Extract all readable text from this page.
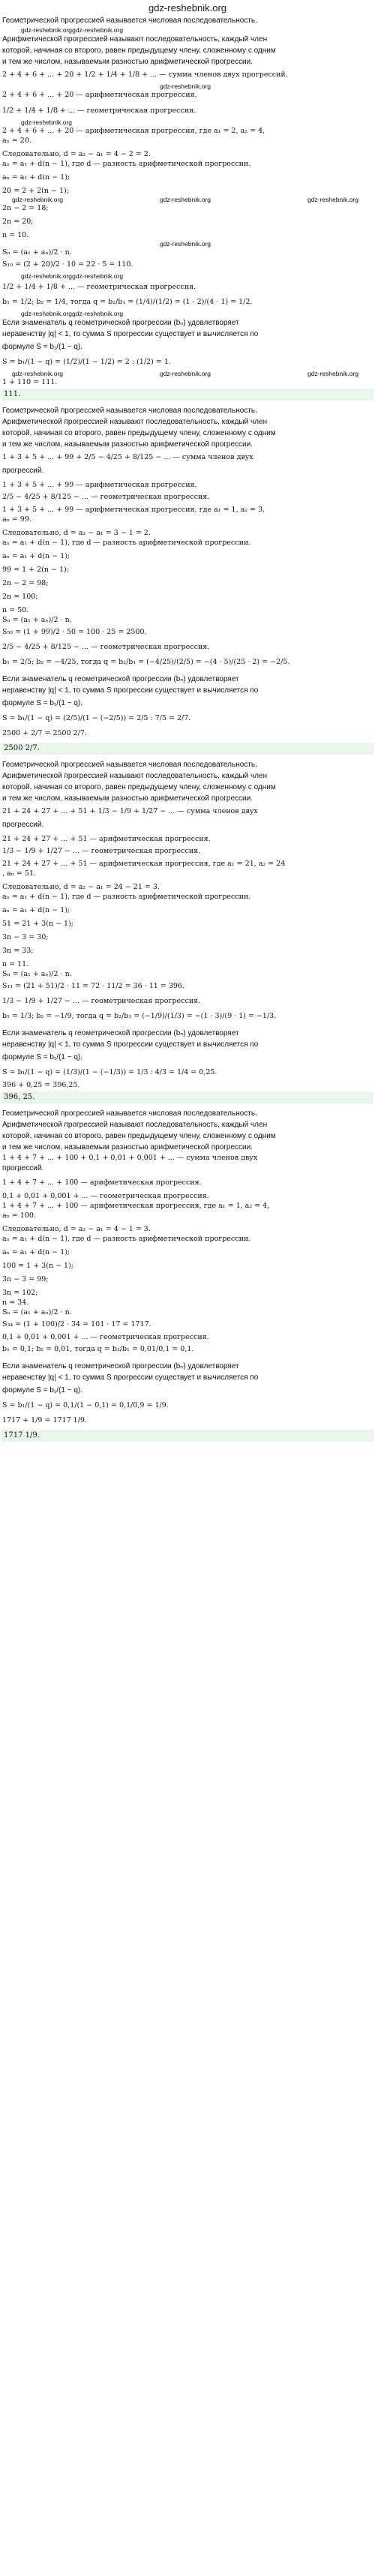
gdz-reshebnik.org
Геометрической прогрессией называется числовая последовательность.
gdz-reshebnik.org gdz-reshebnik.org
Арифметической прогрессией называют последовательность, каждый член
которой, начиная со второго, равен предыдущему члену, сложенному с одним
и тем же числом, называемым разностью арифметической прогрессии.
2 + 4 + 6 + ... + 20 + 1/2 + 1/4 + 1/8 + ... — сумма членов двух прогрессий.
gdz-reshebnik.org
2 + 4 + 6 + ... + 20 — арифметическая прогрессия.
1/2 + 1/4 + 1/8 + ... — геометрическая прогрессия.
gdz-reshebnik.org
2 + 4 + 6 + ... + 20 — арифметическая прогрессия, где a₁ = 2, a₂ = 4,
aₙ = 20.
Следовательно, d = a₂ − a₁ = 4 − 2 = 2.
aₙ = a₁ + d(n − 1), где d — разность арифметической прогрессии.
aₙ = a₁ + d(n − 1);
20 = 2 + 2(n − 1);
gdz-reshebnik.org	gdz-reshebnik.org	gdz-reshebnik.org
2n − 2 = 18;
2n = 20;
n = 10.
gdz-reshebnik.org
Sₙ = (a₁ + aₙ)/2 · n.
S₁₀ = (2 + 20)/2 · 10 = 22 · 5 = 110.
gdz-reshebnik.org gdz-reshebnik.org
1/2 + 1/4 + 1/8 + ... — геометрическая прогрессия.
b₁ = 1/2; b₂ = 1/4, тогда q = b₂/b₁ = (1/4)/(1/2) = (1 · 2)/(4 · 1) = 1/2.
gdz-reshebnik.org gdz-reshebnik.org
Если знаменатель q геометрической прогрессии (bₙ) удовлетворяет
неравенству |q| < 1, то сумма S прогрессии существует и вычисляется по
формуле S = b₁/(1 − q).
S = b₁/(1 − q) = (1/2)/(1 − 1/2) = 2 : (1/2) = 1.
gdz-reshebnik.org	gdz-reshebnik.org	gdz-reshebnik.org
1 + 110 = 111.
111.
Геометрической прогрессией называется числовая последовательность.
Арифметической прогрессией называют последовательность, каждый член
которой, начиная со второго, равен предыдущему члену, сложенному с одним
и тем же числом, называемым разностью арифметической прогрессии.
1 + 3 + 5 + ... + 99 + 2/5 − 4/25 + 8/125 − ... — сумма членов двух
прогрессий.
1 + 3 + 5 + ... + 99 — арифметическая прогрессия.
2/5 − 4/25 + 8/125 − ... — геометрическая прогрессия.
1 + 3 + 5 + ... + 99 — арифметическая прогрессия, где a₁ = 1, a₂ = 3,
aₙ = 99.
Следовательно, d = a₂ − a₁ = 3 − 1 = 2.
aₙ = a₁ + d(n − 1), где d — разность арифметической прогрессии.
aₙ = a₁ + d(n − 1);
99 = 1 + 2(n − 1);
2n − 2 = 98;
2n = 100;
n = 50.
Sₙ = (a₁ + aₙ)/2 · n.
S₅₀ = (1 + 99)/2 · 50 = 100 · 25 = 2500.
2/5 − 4/25 + 8/125 − ... — геометрическая прогрессия.
b₁ = 2/5; b₂ = −4/25, тогда q = b₂/b₁ = (−4/25)/(2/5) = −(4 · 5)/(25 · 2) = −2/5.
Если знаменатель q геометрической прогрессии (bₙ) удовлетворяет
неравенству |q| < 1, то сумма S прогрессии существует и вычисляется по
формуле S = b₁/(1 − q).
S = b₁/(1 − q) = (2/5)/(1 − (−2/5)) = 2/5 : 7/5 = 2/7.
2500 + 2/7 = 2500 2/7.
2500 2/7.
Геометрической прогрессией называется числовая последовательность.
Арифметической прогрессией называют последовательность, каждый член
которой, начиная со второго, равен предыдущему члену, сложенному с одним
и тем же числом, называемым разностью арифметической прогрессии.
21 + 24 + 27 + ... + 51 + 1/3 − 1/9 + 1/27 − ... — сумма членов двух
прогрессий.
21 + 24 + 27 + ... + 51 — арифметическая прогрессия.
1/3 − 1/9 + 1/27 − ... — геометрическая прогрессия.
21 + 24 + 27 + ... + 51 — арифметическая прогрессия, где a₁ = 21, a₂ = 24
, aₙ = 51.
Следовательно, d = a₂ − a₁ = 24 − 21 = 3.
aₙ = a₁ + d(n − 1), где d — разность арифметической прогрессии.
aₙ = a₁ + d(n − 1);
51 = 21 + 3(n − 1);
3n − 3 = 30;
3n = 33;
n = 11.
Sₙ = (a₁ + aₙ)/2 · n.
S₁₁ = (21 + 51)/2 · 11 = 72 · 11/2 = 36 · 11 = 396.
1/3 − 1/9 + 1/27 − ... — геометрическая прогрессия.
b₁ = 1/3; b₂ = −1/9, тогда q = b₂/b₁ = (−1/9)/(1/3) = −(1 · 3)/(9 · 1) = −1/3.
Если знаменатель q геометрической прогрессии (bₙ) удовлетворяет
неравенству |q| < 1, то сумма S прогрессии существует и вычисляется по
формуле S = b₁/(1 − q).
S = b₁/(1 − q) = (1/3)/(1 − (−1/3)) = 1/3 : 4/3 = 1/4 = 0,25.
396 + 0,25 = 396,25.
396, 25.
Геометрической прогрессией называется числовая последовательность.
Арифметической прогрессией называют последовательность, каждый член
которой, начиная со второго, равен предыдущему члену, сложенному с одним
и тем же числом, называемым разностью арифметической прогрессии.
1 + 4 + 7 + ... + 100 + 0,1 + 0,01 + 0,001 + ... — сумма членов двух
прогрессий.
1 + 4 + 7 + ... + 100 — арифметическая прогрессия.
0,1 + 0,01 + 0,001 + ... — геометрическая прогрессия.
1 + 4 + 7 + ... + 100 — арифметическая прогрессия, где a₁ = 1, a₂ = 4,
aₙ = 100.
Следовательно, d = a₂ − a₁ = 4 − 1 = 3.
aₙ = a₁ + d(n − 1), где d — разность арифметической прогрессии.
aₙ = a₁ + d(n − 1);
100 = 1 + 3(n − 1);
3n − 3 = 99;
3n = 102;
n = 34.
Sₙ = (a₁ + aₙ)/2 · n.
S₃₄ = (1 + 100)/2 · 34 = 101 · 17 = 1717.
0,1 + 0,01 + 0,001 + ... — геометрическая прогрессия.
b₁ = 0,1; b₂ = 0,01, тогда q = b₂/b₁ = 0,01/0,1 = 0,1.
Если знаменатель q геометрической прогрессии (bₙ) удовлетворяет
неравенству |q| < 1, то сумма S прогрессии существует и вычисляется по
формуле S = b₁/(1 − q).
S = b₁/(1 − q) = 0,1/(1 − 0,1) = 0,1/0,9 = 1/9.
1717 + 1/9 = 1717 1/9.
1717 1/9.
